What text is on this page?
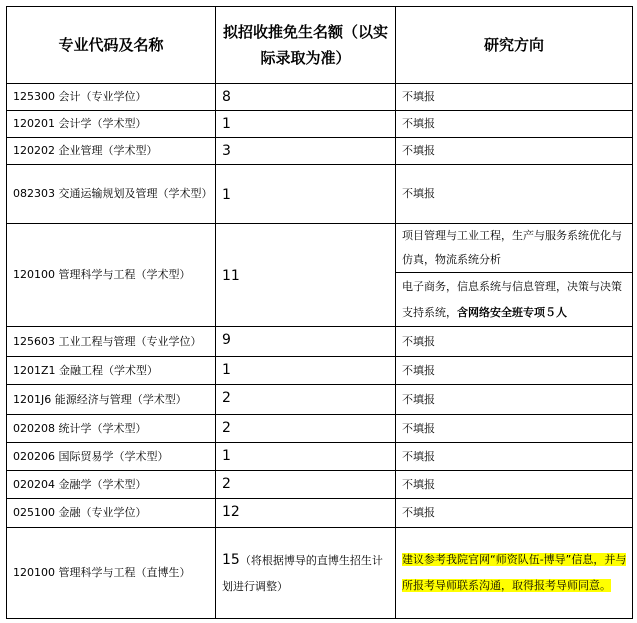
专业代码及名称	拟招收推免生名额（以实际录取为准）	研究方向
125300 会计（专业学位）	8	不填报
120201 会计学（学术型）	1	不填报
120202 企业管理（学术型）	3	不填报
082303 交通运输规划及管理（学术型）	1	不填报
120100 管理科学与工程（学术型）	11	项目管理与工业工程，生产与服务系统优化与仿真，物流系统分析
		电子商务，信息系统与信息管理，决策与决策支持系统，含网络安全班专项５人
125603 工业工程与管理（专业学位）	9	不填报
1201Z1 金融工程（学术型）	1	不填报
1201J6 能源经济与管理（学术型）	2	不填报
020208 统计学（学术型）	2	不填报
020206 国际贸易学（学术型）	1	不填报
020204 金融学（学术型）	2	不填报
025100 金融（专业学位）	12	不填报
120100 管理科学与工程（直博生）	15（将根据博导的直博生招生计划进行调整）	建议参考我院官网“师资队伍-博导”信息，并与所报考导师联系沟通，取得报考导师同意。
